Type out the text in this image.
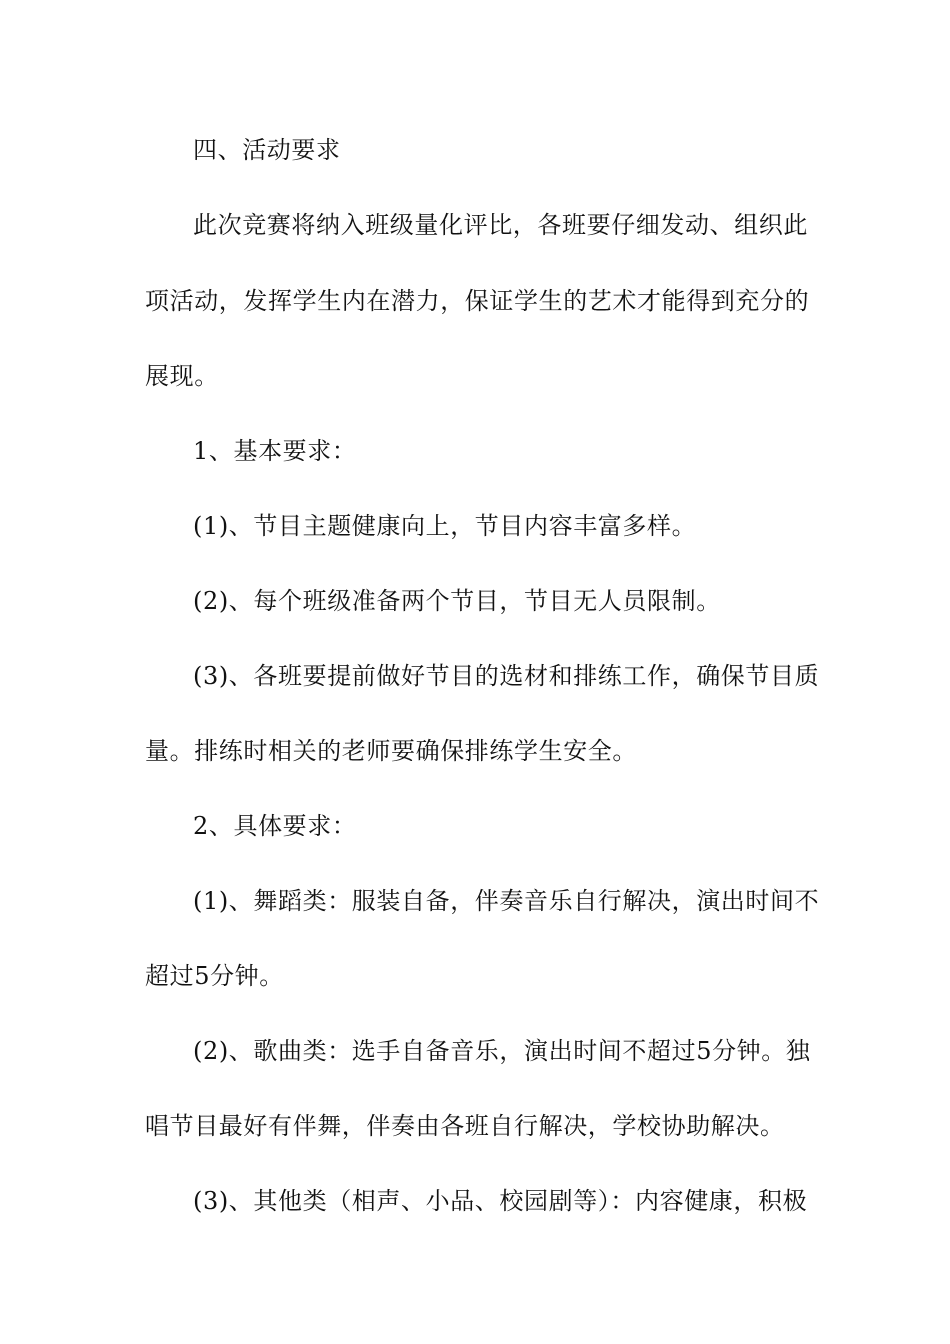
四、活动要求
此次竞赛将纳入班级量化评比，各班要仔细发动、组织此
项活动，发挥学生内在潜力，保证学生的艺术才能得到充分的
展现。
1、基本要求：
(1)、节目主题健康向上，节目内容丰富多样。
(2)、每个班级准备两个节目，节目无人员限制。
(3)、各班要提前做好节目的选材和排练工作，确保节目质
量。排练时相关的老师要确保排练学生安全。
2、具体要求：
(1)、舞蹈类：服装自备，伴奏音乐自行解决，演出时间不
超过5分钟。
(2)、歌曲类：选手自备音乐，演出时间不超过5分钟。独
唱节目最好有伴舞，伴奏由各班自行解决，学校协助解决。
(3)、其他类（相声、小品、校园剧等）：内容健康，积极
